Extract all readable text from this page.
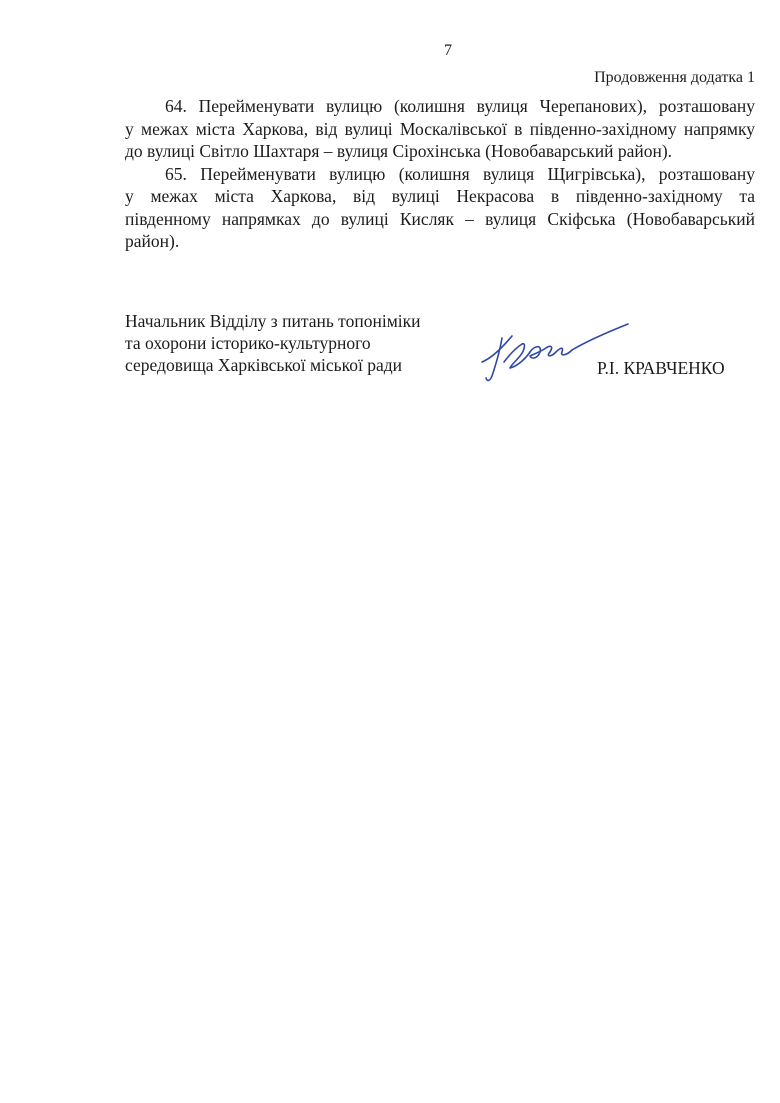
7
Продовження додатка 1

64. Перейменувати вулицю (колишня вулиця Черепанових), розташовану
у межах міста Харкова, від вулиці Москалівської в південно-західному напрямку
до вулиці Світло Шахтаря – вулиця Сірохінська (Новобаварський район).

65. Перейменувати вулицю (колишня вулиця Щигрівська), розташовану
у межах міста Харкова, від вулиці Некрасова в південно-західному та
південному напрямках до вулиці Кисляк – вулиця Скіфська (Новобаварський
район).

Начальник Відділу з питань топоніміки
та охорони історико-культурного
середовища Харківської міської ради	Р.І. КРАВЧЕНКО
